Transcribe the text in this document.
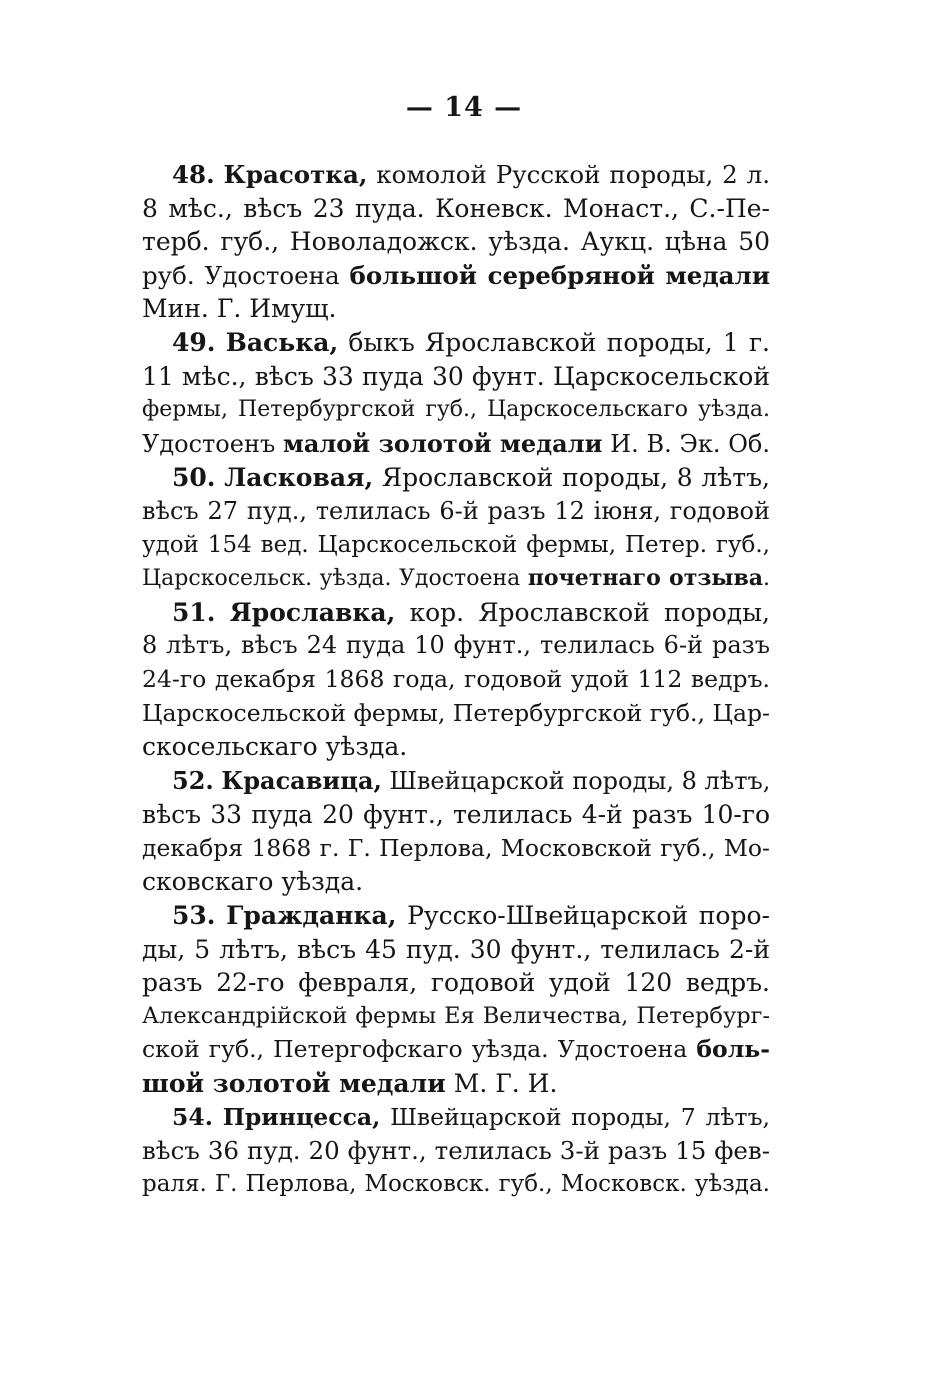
— 14 —

48. Красотка, комолой Русской породы, 2 л.
8 мѣс., вѣсъ 23 пуда. Коневск. Монаст., С.-Пе-
терб. губ., Новоладожск. уѣзда. Аукц. цѣна 50
руб. Удостоена большой серебряной медали
Мин. Г. Имущ.

49. Васька, быкъ Ярославской породы, 1 г.
11 мѣс., вѣсъ 33 пуда 30 фунт. Царскосельской
фермы, Петербургской губ., Царскосельскаго уѣзда.
Удостоенъ малой золотой медали И. В. Эк. Об.

50. Ласковая, Ярославской породы, 8 лѣтъ,
вѣсъ 27 пуд., телилась 6-й разъ 12 іюня, годовой
удой 154 вед. Царскосельской фермы, Петер. губ.,
Царскосельск. уѣзда. Удостоена почетнаго отзыва.

51. Ярославка, кор. Ярославской породы,
8 лѣтъ, вѣсъ 24 пуда 10 фунт., телилась 6-й разъ
24-го декабря 1868 года, годовой удой 112 ведръ.
Царскосельской фермы, Петербургской губ., Цар-
скосельскаго уѣзда.

52. Красавица, Швейцарской породы, 8 лѣтъ,
вѣсъ 33 пуда 20 фунт., телилась 4-й разъ 10-го
декабря 1868 г. Г. Перлова, Московской губ., Мо-
сковскаго уѣзда.

53. Гражданка, Русско-Швейцарской поро-
ды, 5 лѣтъ, вѣсъ 45 пуд. 30 фунт., телилась 2-й
разъ 22-го февраля, годовой удой 120 ведръ.
Александрійской фермы Ея Величества, Петербург-
ской губ., Петергофскаго уѣзда. Удостоена боль-
шой золотой медали М. Г. И.

54. Принцесса, Швейцарской породы, 7 лѣтъ,
вѣсъ 36 пуд. 20 фунт., телилась 3-й разъ 15 фев-
раля. Г. Перлова, Московск. губ., Московск. уѣзда.
